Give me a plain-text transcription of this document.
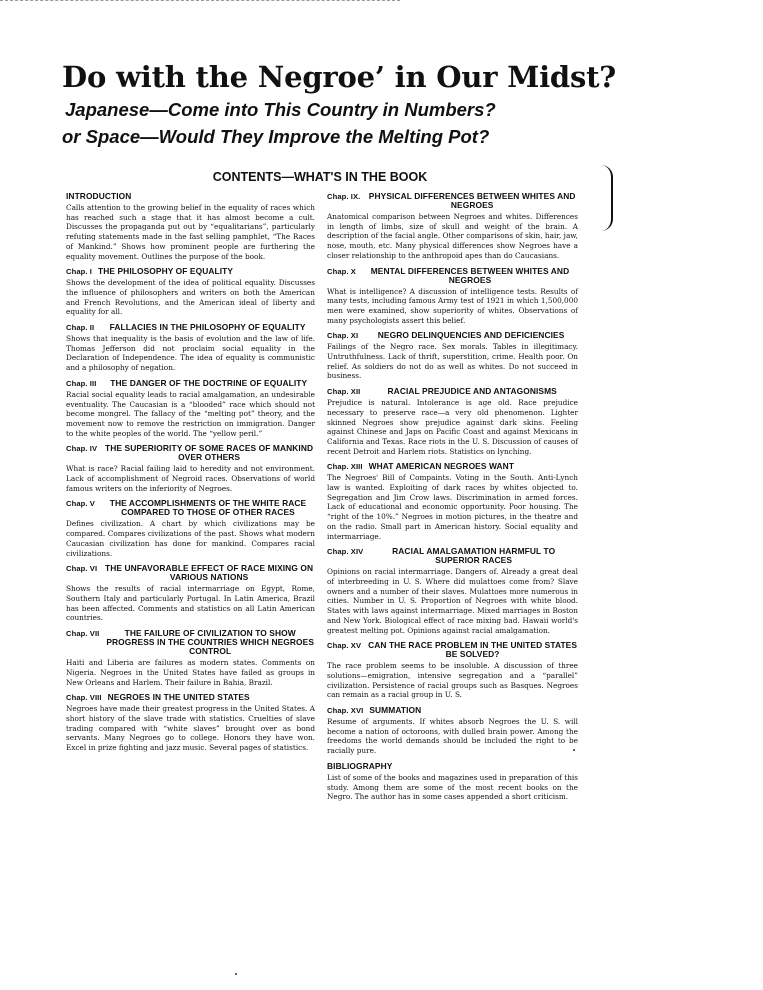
Do with the Negroe’ in Our Midst?
Japanese—Come into This Country in Numbers?
or Space—Would They Improve the Melting Pot?
CONTENTS—WHAT'S IN THE BOOK
INTRODUCTION

Calls attention to the growing belief in the equality of races which has reached such a stage that it has almost become a cult. Discusses the propaganda put out by “equalitarians”, particularly refuting statements made in the fast selling pamphlet, “The Races of Mankind.” Shows how prominent people are furthering the equality movement. Outlines the purpose of the book.

Chap. I THE PHILOSOPHY OF EQUALITY

Shows the development of the idea of political equality. Discusses the influence of philosophers and writers on both the American and French Revolutions, and the American ideal of liberty and equality for all.

Chap. II	FALLACIES IN THE PHILOSOPHY OF EQUALITY

Shows that inequality is the basis of evolution and the law of life. Thomas Jefferson did not proclaim social equality in the Declaration of Independence. The idea of equality is communistic and a philosophy of negation.

Chap. III	THE DANGER OF THE DOCTRINE OF EQUALITY

Racial social equality leads to racial amalgamation, an undesirable eventuality. The Caucasian is a “blooded” race which should not become mongrel. The fallacy of the “melting pot” theory, and the movement now to remove the restriction on immigration. Danger to the white peoples of the world. The “yellow peril.”

Chap. IV THE SUPERIORITY OF SOME RACES OF MANKIND OVER OTHERS

What is race? Racial failing laid to heredity and not environment. Lack of accomplishment of Negroid races. Observations of world famous writers on the inferiority of Negroes.

Chap. V	THE ACCOMPLISHMENTS OF THE WHITE RACE COMPARED TO THOSE OF OTHER RACES

Defines civilization. A chart by which civilizations may be compared. Compares civilizations of the past. Shows what modern Caucasian civilization has done for mankind. Compares racial civilizations.

Chap. VI THE UNFAVORABLE EFFECT OF RACE MIXING ON VARIOUS NATIONS

Shows the results of racial intermarriage on Egypt, Rome, Southern Italy and particularly Portugal. In Latin America, Brazil has been affected. Comments and statistics on all Latin American countries.

Chap. VII	THE FAILURE OF CIVILIZATION TO SHOW PROGRESS IN THE COUNTRIES WHICH NEGROES CONTROL

Haiti and Liberia are failures as modern states. Comments on Nigeria. Negroes in the United States have failed as groups in New Orleans and Harlem. Their failure in Bahia, Brazil.

Chap. VIII NEGROES IN THE UNITED STATES

Negroes have made their greatest progress in the United States. A short history of the slave trade with statistics. Cruelties of slave trading compared with “white slaves” brought over as bond servants. Many Negroes go to college. Honors they have won. Excel in prize fighting and jazz music. Several pages of statistics.

Chap. IX. PHYSICAL DIFFERENCES BETWEEN WHITES AND NEGROES

Anatomical comparison between Negroes and whites. Differences in length of limbs, size of skull and weight of the brain. A description of the facial angle. Other comparisons of skin, hair, jaw, nose, mouth, etc. Many physical differences show Negroes have a closer relationship to the anthropoid apes than do Caucasians.

Chap. X	MENTAL DIFFERENCES BETWEEN WHITES AND NEGROES

What is intelligence? A discussion of intelligence tests. Results of many tests, including famous Army test of 1921 in which 1,500,000 men were examined, show superiority of whites. Observations of many psychologists assert this belief.

Chap. XI	NEGRO DELINQUENCIES AND DEFICIENCIES

Failings of the Negro race. Sex morals. Tables in illegitimacy. Untruthfulness. Lack of thrift, superstition, crime. Health poor. On relief. As soldiers do not do as well as whites. Do not succeed in business.

Chap. XII	RACIAL PREJUDICE AND ANTAGONISMS

Prejudice is natural. Intolerance is age old. Race prejudice necessary to preserve race—a very old phenomenon. Lighter skinned Negroes show prejudice against dark skins. Feeling against Chinese and Japs on Pacific Coast and against Mexicans in California and Texas. Race riots in the U. S. Discussion of causes of recent Detroit and Harlem riots. Statistics on lynching.

Chap. XIII WHAT AMERICAN NEGROES WANT

The Negroes' Bill of Compaints. Voting in the South. Anti-Lynch law is wanted. Exploiting of dark races by whites objected to. Segregation and Jim Crow laws. Discrimination in armed forces. Lack of educational and economic opportunity. Poor housing. The “right of the 10%.” Negroes in motion pictures, in the theatre and on the radio. Small part in American history. Social equality and intermarriage.

Chap. XIV	RACIAL AMALGAMATION HARMFUL TO SUPERIOR RACES

Opinions on racial intermarriage. Dangers of. Already a great deal of interbreeding in U. S. Where did mulattoes come from? Slave owners and a number of their slaves. Mulattoes more numerous in cities. Number in U. S. Proportion of Negroes with white blood. States with laws against intermarriage. Mixed marriages in Boston and New York. Biological effect of race mixing bad. Hawaii world's greatest melting pot. Opinions against racial amalgamation.

Chap. XV CAN THE RACE PROBLEM IN THE UNITED STATES BE SOLVED?

The race problem seems to be insoluble. A discussion of three solutions—emigration, intensive segregation and a “parallel” civilization. Persistence of racial groups such as Basques. Negroes can remain as a racial group in U. S.

Chap. XVI SUMMATION

Resume of arguments. If whites absorb Negroes the U. S. will become a nation of octoroons, with dulled brain power. Among the freedoms the world demands should be included the right to be racially pure.

BIBLIOGRAPHY

List of some of the books and magazines used in preparation of this study. Among them are some of the most recent books on the Negro. The author has in some cases appended a short criticism.
